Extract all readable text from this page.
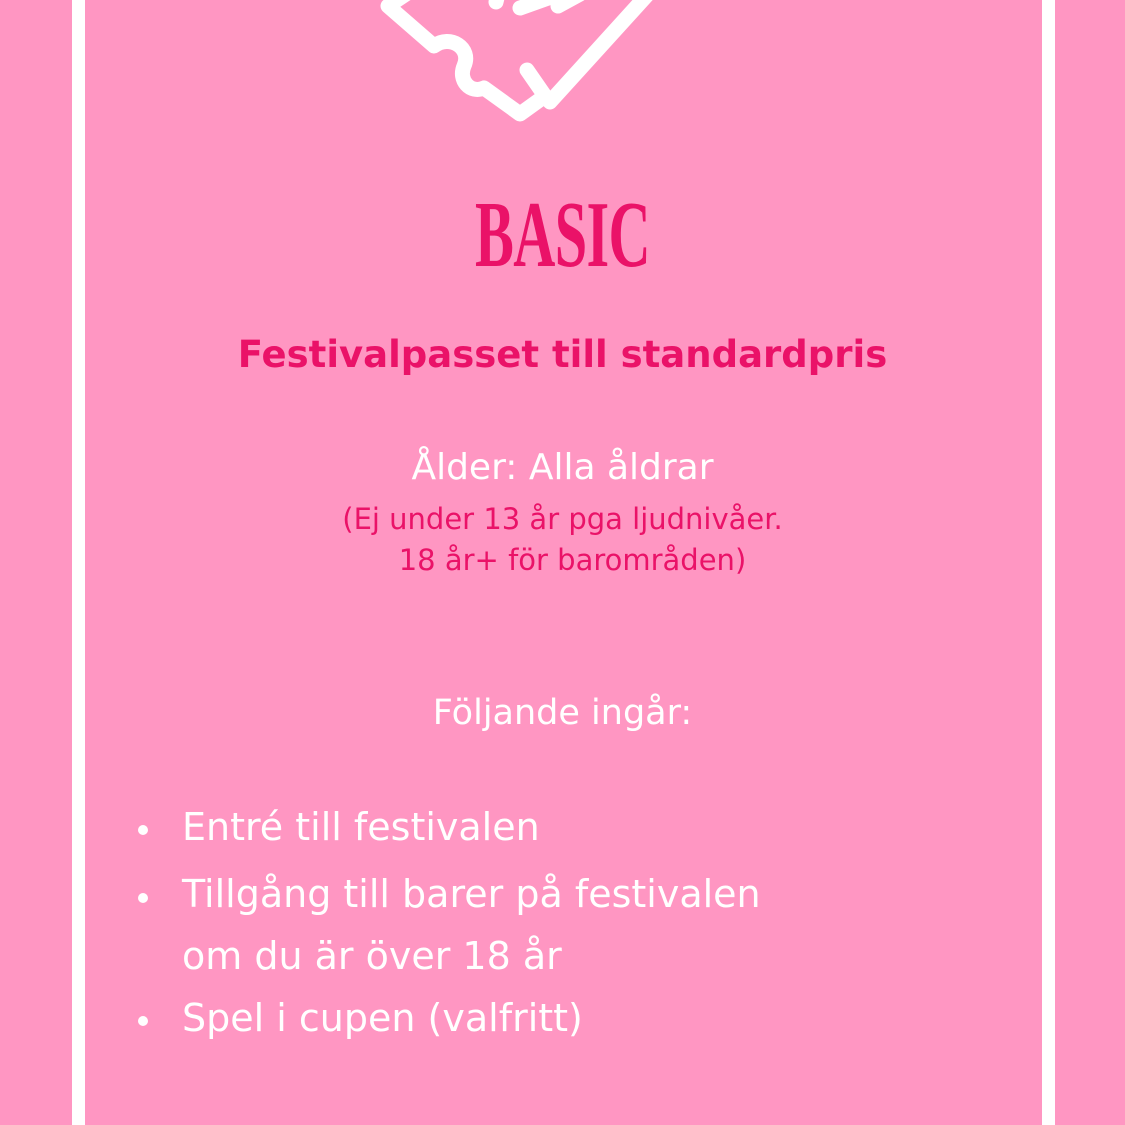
BASIC
Festivalpasset till standardpris
Ålder: Alla åldrar
(Ej under 13 år pga ljudnivåer.
18 år+ för barområden)
Följande ingår:
Entré till festivalen
Tillgång till barer på festivalen
om du är över 18 år
Spel i cupen (valfritt)
